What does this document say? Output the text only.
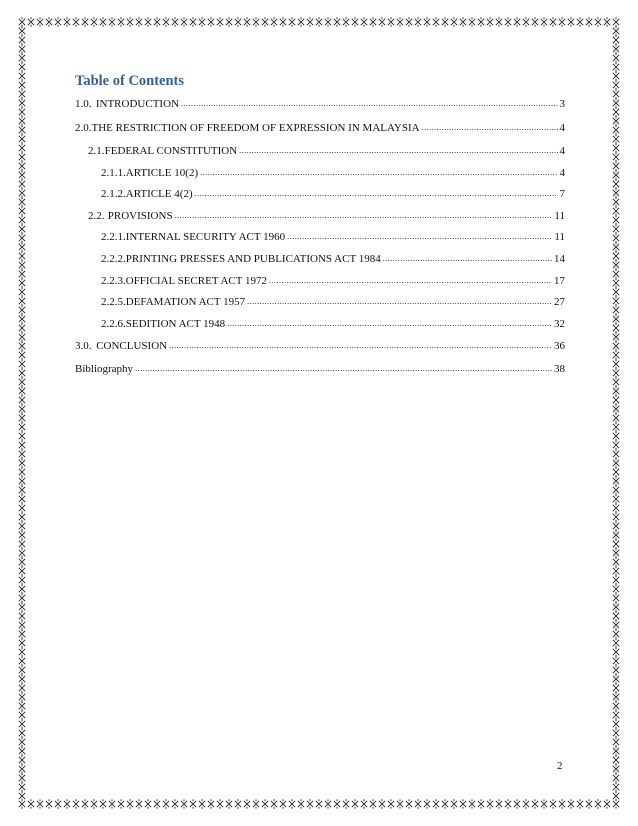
Table of Contents
1.0. INTRODUCTION .....	3
2.0. THE RESTRICTION OF FREEDOM OF EXPRESSION IN MALAYSIA .....	4
2.1. FEDERAL CONSTITUTION .....	4
2.1.1. ARTICLE 10(2) .....	4
2.1.2. ARTICLE 4(2) .....	7
2.2. PROVISIONS .....	11
2.2.1. INTERNAL SECURITY ACT 1960 .....	11
2.2.2. PRINTING PRESSES AND PUBLICATIONS ACT 1984 .....	14
2.2.3. OFFICIAL SECRET ACT 1972 .....	17
2.2.5. DEFAMATION ACT 1957 .....	27
2.2.6. SEDITION ACT 1948 .....	32
3.0. CONCLUSION .....	36
Bibliography .....	38
2
